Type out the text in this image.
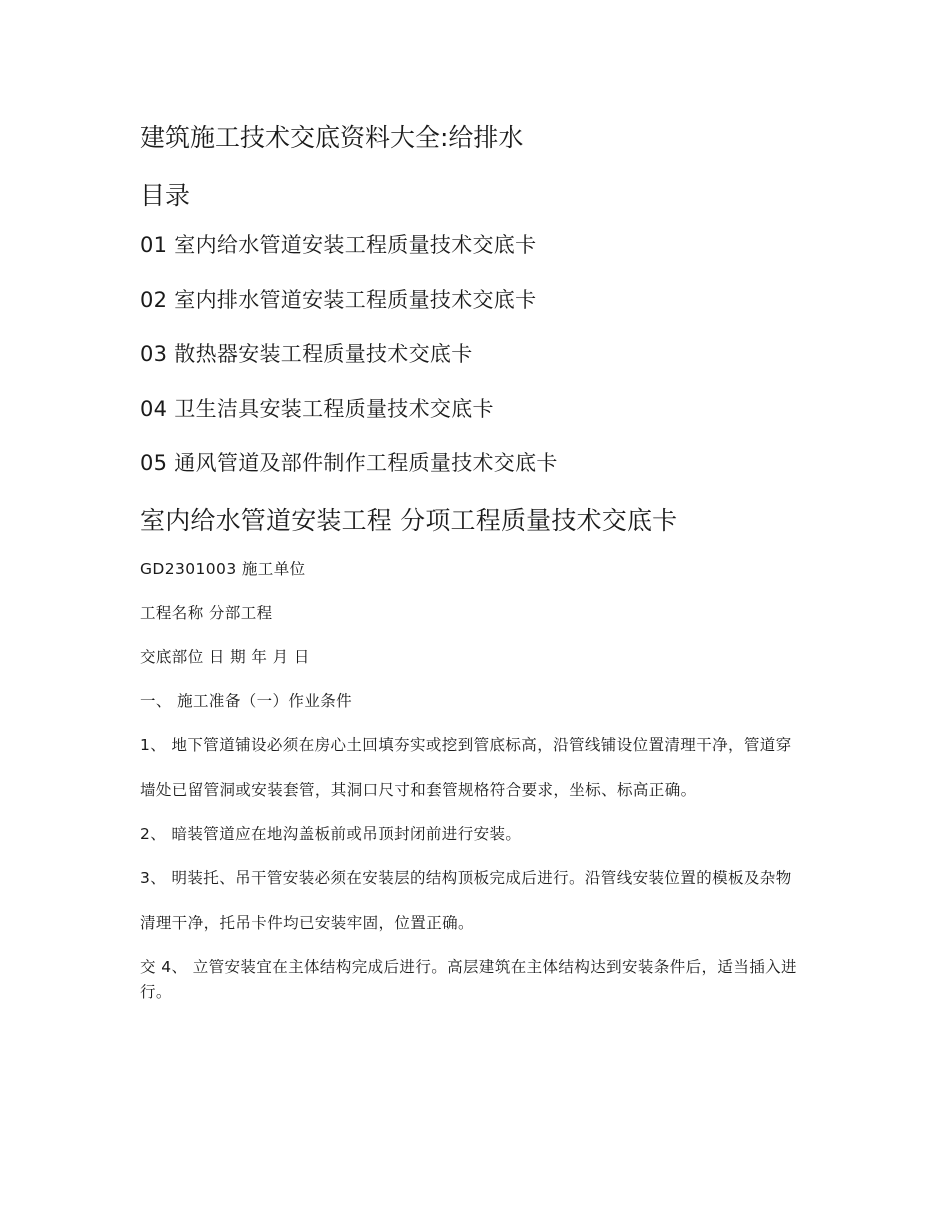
建筑施工技术交底资料大全:给排水
目录
01 室内给水管道安装工程质量技术交底卡
02 室内排水管道安装工程质量技术交底卡
03 散热器安装工程质量技术交底卡
04 卫生洁具安装工程质量技术交底卡
05 通风管道及部件制作工程质量技术交底卡
室内给水管道安装工程 分项工程质量技术交底卡
GD2301003 施工单位
工程名称 分部工程
交底部位 日 期 年 月 日
一、 施工准备（一）作业条件
1、 地下管道铺设必须在房心土回填夯实或挖到管底标高，沿管线铺设位置清理干净，管道穿
墙处已留管洞或安装套管，其洞口尺寸和套管规格符合要求，坐标、标高正确。
2、 暗装管道应在地沟盖板前或吊顶封闭前进行安装。
3、 明装托、吊干管安装必须在安装层的结构顶板完成后进行。沿管线安装位置的模板及杂物
清理干净，托吊卡件均已安装牢固，位置正确。
交 4、 立管安装宜在主体结构完成后进行。高层建筑在主体结构达到安装条件后，适当插入进行。
